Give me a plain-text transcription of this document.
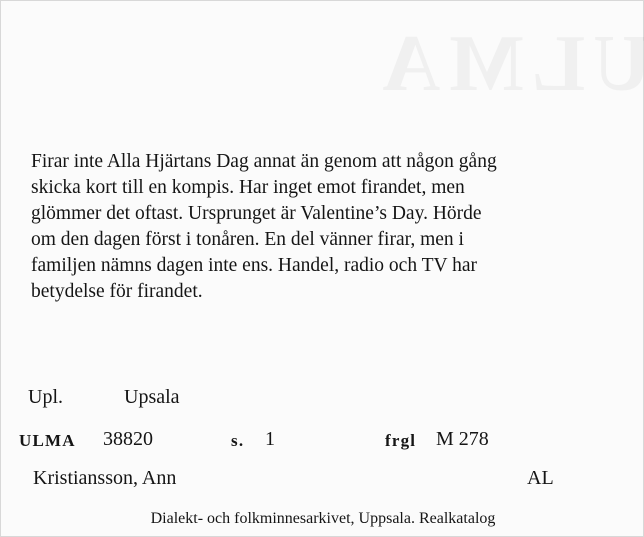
Firar inte Alla Hjärtans Dag annat än genom att någon gång
skicka kort till en kompis. Har inget emot firandet, men
glömmer det oftast. Ursprunget är Valentine’s Day. Hörde
om den dagen först i tonåren. En del vänner firar, men i
familjen nämns dagen inte ens. Handel, radio och TV har
betydelse för firandet.

Upl.	Upsala
ULMA 38820	s. 1	frgl M 278
Kristiansson, Ann	AL
Dialekt- och folkminnesarkivet, Uppsala. Realkatalog
